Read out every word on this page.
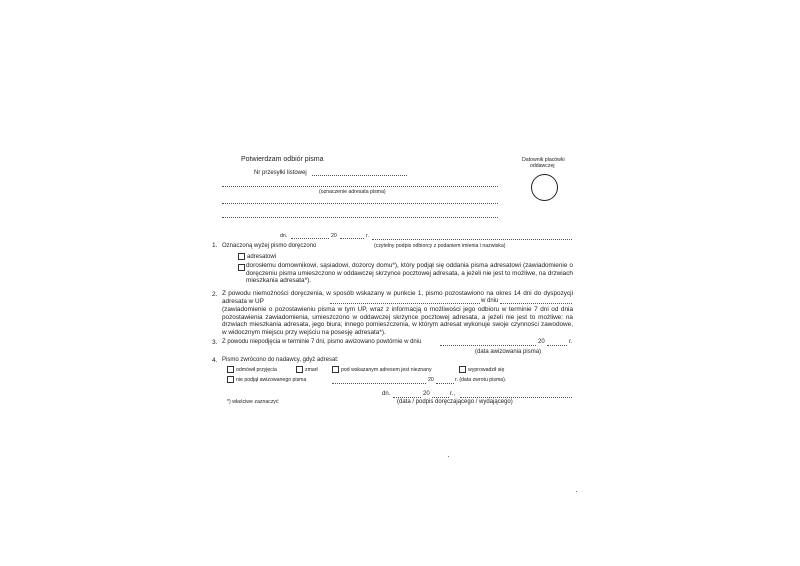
Potwierdzam odbiór pisma
Nr przesyłki listowej
Datownik placówki
oddawczej
(oznaczenie adresata pisma)
dn.	20	r.
(czytelny podpis odbiorcy z podaniem imienia i nazwiska)
1. Oznaczoną wyżej pismo doręczono
adresatowi
dorosłemu domownikowi, sąsiadowi, dozorcy domu*), który podjął się oddania pisma adresatowi (zawiadomienie o doręczeniu pisma umieszczono w oddawczej skrzynce pocztowej adresata, a jeżeli nie jest to możliwe, na drzwiach mieszkania adresata*).
2. Z powodu niemożności doręczenia, w sposób wskazany w punkcie 1, pismo pozostawiono na okres 14 dni do dyspozycji adresata w UP	w dniu
(zawiadomienie o pozostawieniu pisma w tym UP, wraz z informacją o możliwości jego odbioru w terminie 7 dni od dnia pozostawienia zawiadomienia, umieszczono w oddawczej skrzynce pocztowej adresata, a jeżeli nie jest to możliwe: na drzwiach mieszkania adresata, jego biura; innego pomieszczenia, w którym adresat wykonuje swoje czynności zawodowe, w widocznym miejscu przy wejściu na posesję adresata*).
3. Z powodu niepodjęcia w terminie 7 dni, pismo awizowano powtórnie w dniu	20	r.
(data awizowania pisma)
4. Pismo zwrócono do nadawcy, gdyż adresat:
odmówił przyjęcia	zmarł	pod wskazanym adresem jest nieznany	wyprowadził się
nie podjął awizowanego pisma	20	r. (data zwrotu pisma).
dn.	20	r.,
(data / podpis doręczającego / wydającego)
*) właściwe zaznaczyć
